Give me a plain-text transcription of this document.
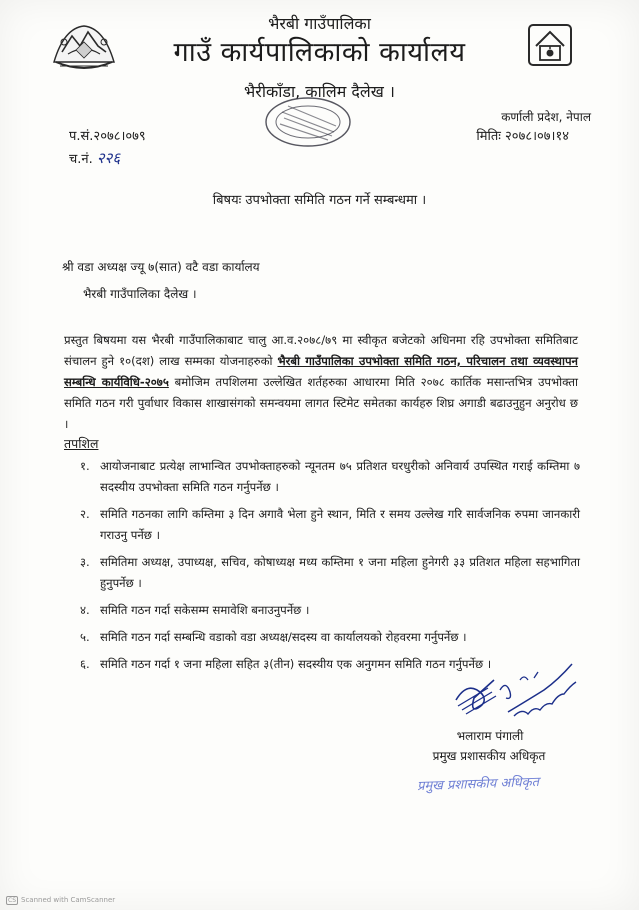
भैरबी गाउँपालिका
गाउँ कार्यपालिकाको कार्यालय
भैरीकाँडा, कालिम दैलेख ।
कर्णाली प्रदेश, नेपाल
प.सं.२०७८।०७९
च.नं. २२६
मितिः २०७८।०७।१४
बिषयः उपभोक्ता समिति गठन गर्ने सम्बन्धमा ।
श्री वडा अध्यक्ष ज्यू ७(सात) वटै वडा कार्यालय
भैरबी गाउँपालिका दैलेख ।
प्रस्तुत बिषयमा यस भैरबी गाउँपालिकाबाट चालु आ.व.२०७८/७९ मा स्वीकृत बजेटको अधिनमा रहि उपभोक्ता समितिबाट संचालन हुने १०(दश) लाख सम्मका योजनाहरुको भैरबी गाउँपालिका उपभोक्ता समिति गठन, परिचालन तथा व्यवस्थापन सम्बन्धि कार्यविधि-२०७५ बमोजिम तपशिलमा उल्लेखित शर्तहरुका आधारमा मिति २०७८ कार्तिक मसान्तभित्र उपभोक्ता समिति गठन गरी पुर्वाधार विकास शाखासंगको समन्वयमा लागत स्टिमेट समेतका कार्यहरु शिघ्र अगाडी बढाउनुहुन अनुरोध छ ।
तपशिल
१. आयोजनाबाट प्रत्येक्ष लाभान्वित उपभोक्ताहरुको न्यूनतम ७५ प्रतिशत घरधुरीको अनिवार्य उपस्थित गराई कम्तिमा ७ सदस्यीय उपभोक्ता समिति गठन गर्नुपर्नेछ ।
२. समिति गठनका लागि कम्तिमा ३ दिन अगावै भेला हुने स्थान, मिति र समय उल्लेख गरि सार्वजनिक रुपमा जानकारी गराउनु पर्नेछ ।
३. समितिमा अध्यक्ष, उपाध्यक्ष, सचिव, कोषाध्यक्ष मध्य कम्तिमा १ जना महिला हुनेगरी ३३ प्रतिशत महिला सहभागिता हुनुपर्नेछ ।
४. समिति गठन गर्दा सकेसम्म समावेशि बनाउनुपर्नेछ ।
५. समिति गठन गर्दा सम्बन्धि वडाको वडा अध्यक्ष/सदस्य वा कार्यालयको रोहवरमा गर्नुपर्नेछ ।
६. समिति गठन गर्दा १ जना महिला सहित ३(तीन) सदस्यीय एक अनुगमन समिति गठन गर्नुपर्नेछ ।
भलाराम पंगाली
प्रमुख प्रशासकीय अधिकृत
प्रमुख प्रशासकीय अधिकृत
CS Scanned with CamScanner
